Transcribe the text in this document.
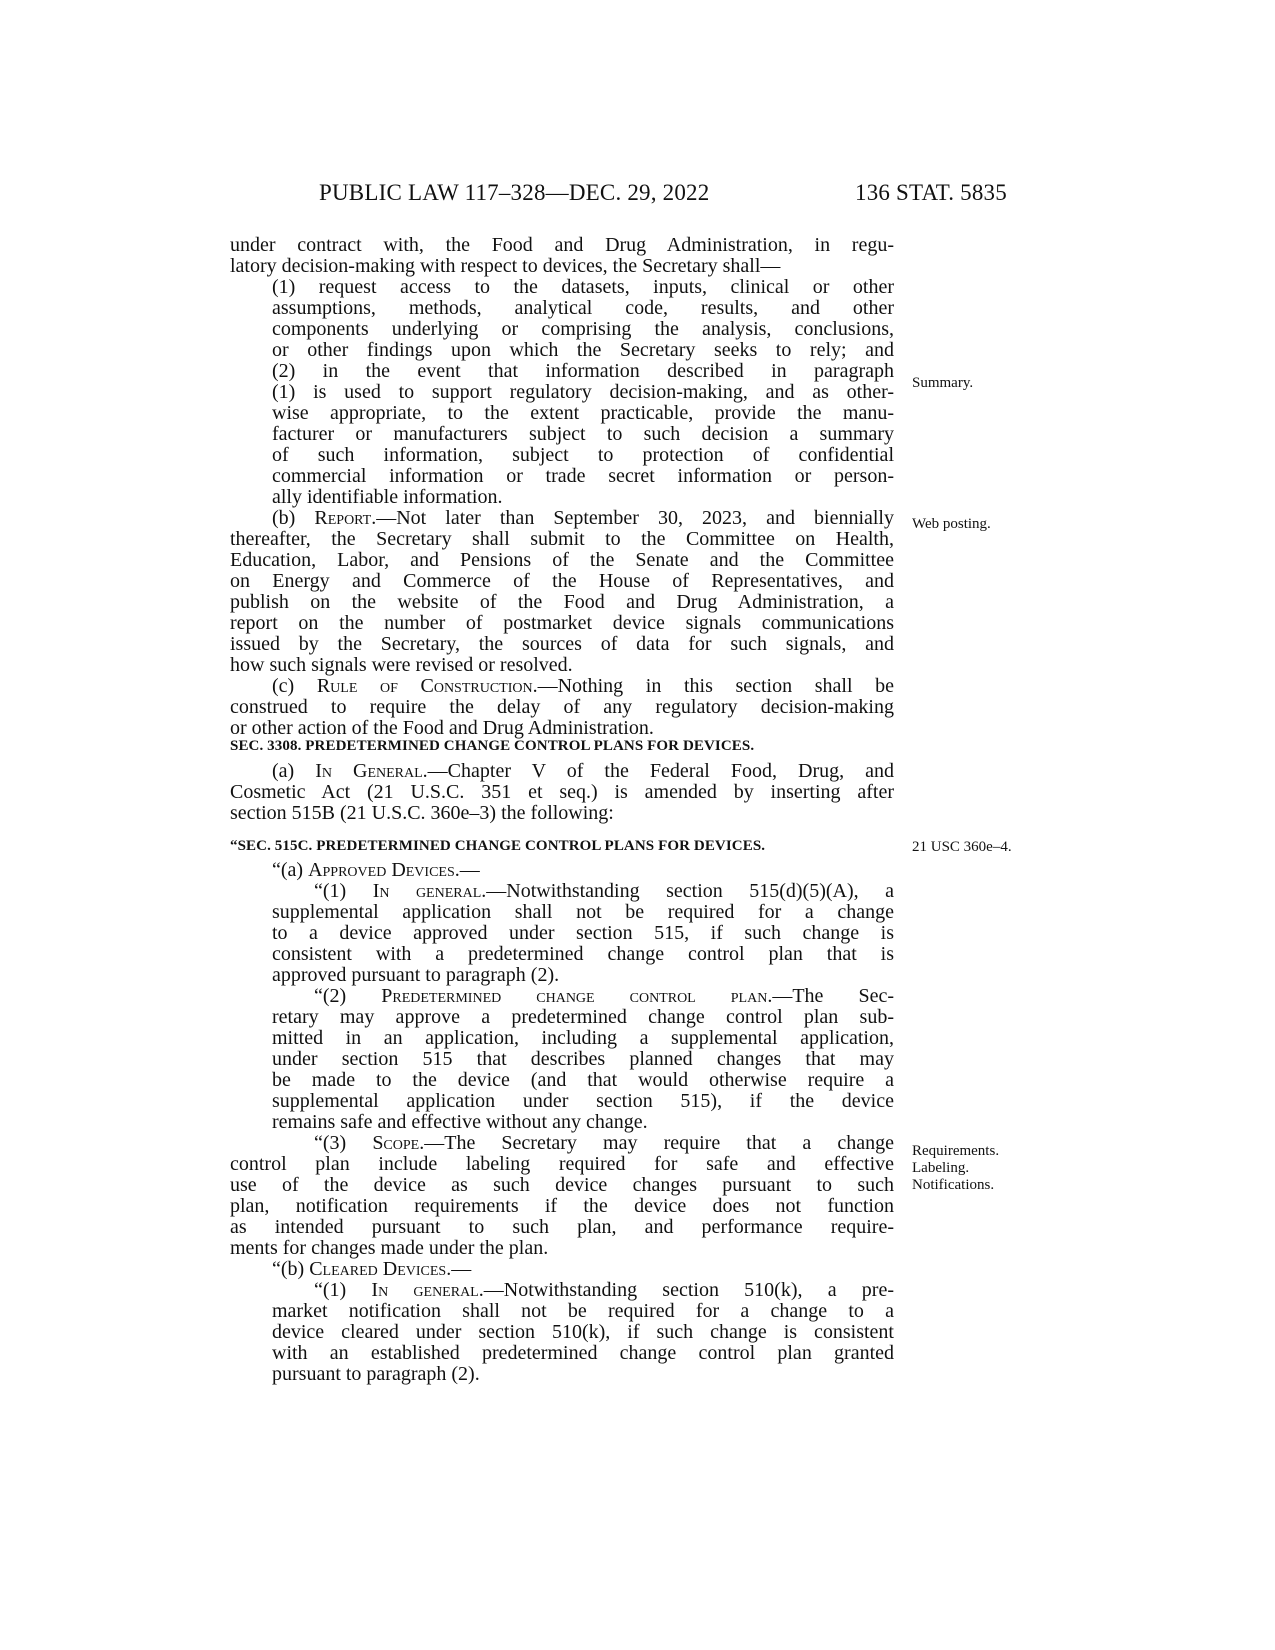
PUBLIC LAW 117–328—DEC. 29, 2022	136 STAT. 5835
under contract with, the Food and Drug Administration, in regu-
latory decision-making with respect to devices, the Secretary shall—
(1) request access to the datasets, inputs, clinical or other
assumptions, methods, analytical code, results, and other
components underlying or comprising the analysis, conclusions,
or other findings upon which the Secretary seeks to rely; and
(2) in the event that information described in paragraph
(1) is used to support regulatory decision-making, and as other-
wise appropriate, to the extent practicable, provide the manu-
facturer or manufacturers subject to such decision a summary
of such information, subject to protection of confidential
commercial information or trade secret information or person-
ally identifiable information.
(b) Report.—Not later than September 30, 2023, and biennially
thereafter, the Secretary shall submit to the Committee on Health,
Education, Labor, and Pensions of the Senate and the Committee
on Energy and Commerce of the House of Representatives, and
publish on the website of the Food and Drug Administration, a
report on the number of postmarket device signals communications
issued by the Secretary, the sources of data for such signals, and
how such signals were revised or resolved.
(c) Rule of Construction.—Nothing in this section shall be
construed to require the delay of any regulatory decision-making
or other action of the Food and Drug Administration.
SEC. 3308. PREDETERMINED CHANGE CONTROL PLANS FOR DEVICES.
(a) In General.—Chapter V of the Federal Food, Drug, and
Cosmetic Act (21 U.S.C. 351 et seq.) is amended by inserting after
section 515B (21 U.S.C. 360e–3) the following:
“SEC. 515C. PREDETERMINED CHANGE CONTROL PLANS FOR DEVICES.
“(a) Approved Devices.—
“(1) In general.—Notwithstanding section 515(d)(5)(A), a
supplemental application shall not be required for a change
to a device approved under section 515, if such change is
consistent with a predetermined change control plan that is
approved pursuant to paragraph (2).
“(2) Predetermined change control plan.—The Sec-
retary may approve a predetermined change control plan sub-
mitted in an application, including a supplemental application,
under section 515 that describes planned changes that may
be made to the device (and that would otherwise require a
supplemental application under section 515), if the device
remains safe and effective without any change.
“(3) Scope.—The Secretary may require that a change
control plan include labeling required for safe and effective
use of the device as such device changes pursuant to such
plan, notification requirements if the device does not function
as intended pursuant to such plan, and performance require-
ments for changes made under the plan.
“(b) Cleared Devices.—
“(1) In general.—Notwithstanding section 510(k), a pre-
market notification shall not be required for a change to a
device cleared under section 510(k), if such change is consistent
with an established predetermined change control plan granted
pursuant to paragraph (2).
Summary.
Web posting.
21 USC 360e–4.
Requirements.
Labeling.
Notifications.
